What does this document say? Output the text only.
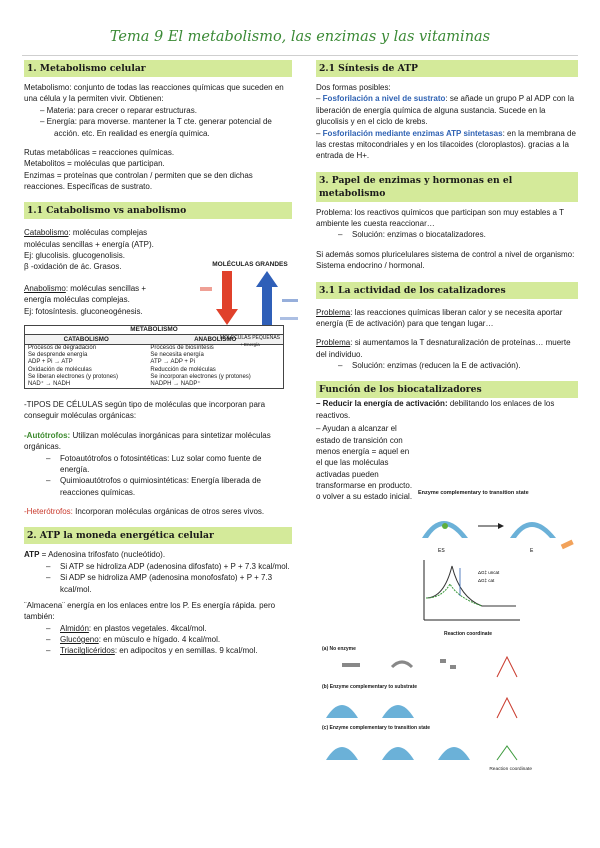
Tema 9 El metabolismo, las enzimas y las vitaminas
1. Metabolismo celular

Metabolismo: conjunto de todas las reacciones químicas que suceden en una célula y la permiten vivir. Obtienen:

– Materia: para crecer o reparar estructuras.

– Energía: para moverse. mantener la T cte. generar potencial de acción. etc. En realidad es energía química.

Rutas metabólicas = reacciones químicas.

Metabolitos = moléculas que participan.

Enzimas = proteínas que controlan / permiten que se den dichas reacciones. Específicas de sustrato.

1.1 Catabolismo vs anabolismo

Catabolismo: moléculas complejas moléculas sencillas + energía (ATP).

Ej: glucolisis. glucogenolisis.

β -oxidación de ác. Grasos.

Anabolismo: moléculas sencillas + energía moléculas complejas.

Ej: fotosíntesis. gluconeogénesis.

MOLÉCULAS GRANDES
MOLÉCULAS PEQUEÑAS
+ Energía
METABOLISMO
CATABOLISMO	ANABOLISMO
Procesos de degradación	Procesos de biosíntesis
Se desprende energía	Se necesita energía
ADP + Pi → ATP	ATP → ADP + Pi
Oxidación de moléculas	Reducción de moléculas
Se liberan electrones (y protones)	Se incorporan electrones (y protones)
NAD⁺ → NADH	NADPH → NADP⁺

-TIPOS DE CÉLULAS según tipo de moléculas que incorporan para conseguir moléculas orgánicas:

-Autótrofos: Utilizan moléculas inorgánicas para sintetizar moléculas orgánicas.

– Fotoautótrofos o fotosintéticas: Luz solar como fuente de energía.

– Quimioautótrofos o quimiosintéticas: Energía liberada de reacciones químicas.

-Heterótrofos: Incorporan moléculas orgánicas de otros seres vivos.

2. ATP la moneda energética celular

ATP = Adenosina trifosfato (nucleótido).

– Si ATP se hidroliza ADP (adenosina difosfato) + P + 7.3 kcal/mol.

– Si ADP se hidroliza AMP (adenosina monofosfato) + P + 7.3 kcal/mol.

¨Almacena¨ energía en los enlaces entre los P. Es energía rápida. pero también:

– Almidón: en plastos vegetales. 4kcal/mol.

– Glucógeno: en músculo e hígado. 4 kcal/mol.

– Triacilglicéridos: en adipocitos y en semillas. 9 kcal/mol.

2.1 Síntesis de ATP

Dos formas posibles:

– Fosforilación a nivel de sustrato: se añade un grupo P al ADP con la liberación de energía química de alguna sustancia. Sucede en la glucolisis y en el ciclo de krebs.

– Fosforilación mediante enzimas ATP sintetasas: en la membrana de las crestas mitocondriales y en los tilacoides (cloroplastos). gracias a la entrada de H+.

3. Papel de enzimas y hormonas en el metabolismo

Problema: los reactivos químicos que participan son muy estables a T ambiente les cuesta reaccionar…

– Solución: enzimas o biocatalizadores.

Si además somos pluricelulares sistema de control a nivel de organismo: Sistema endocrino / hormonal.

3.1 La actividad de los catalizadores

Problema: las reacciones químicas liberan calor y se necesita aportar energía (E de activación) para que tengan lugar…

Problema: si aumentamos la T desnaturalización de proteínas… muerte del individuo.

– Solución: enzimas (reducen la E de activación).

Función de los biocatalizadores

– Reducir la energía de activación: debilitando los enlaces de los reactivos.

– Ayudan a alcanzar el estado de transición con menos energía = aquel en el que las moléculas activadas pueden transformarse en producto. o volver a su estado inicial.	Enzyme complementary to transition state
ES	E
ΔG‡ uncat
ΔG‡ cat
Reaction coordinate
(a) No enzyme
(b) Enzyme complementary to substrate
(c) Enzyme complementary to transition state
Reaction coordinate
